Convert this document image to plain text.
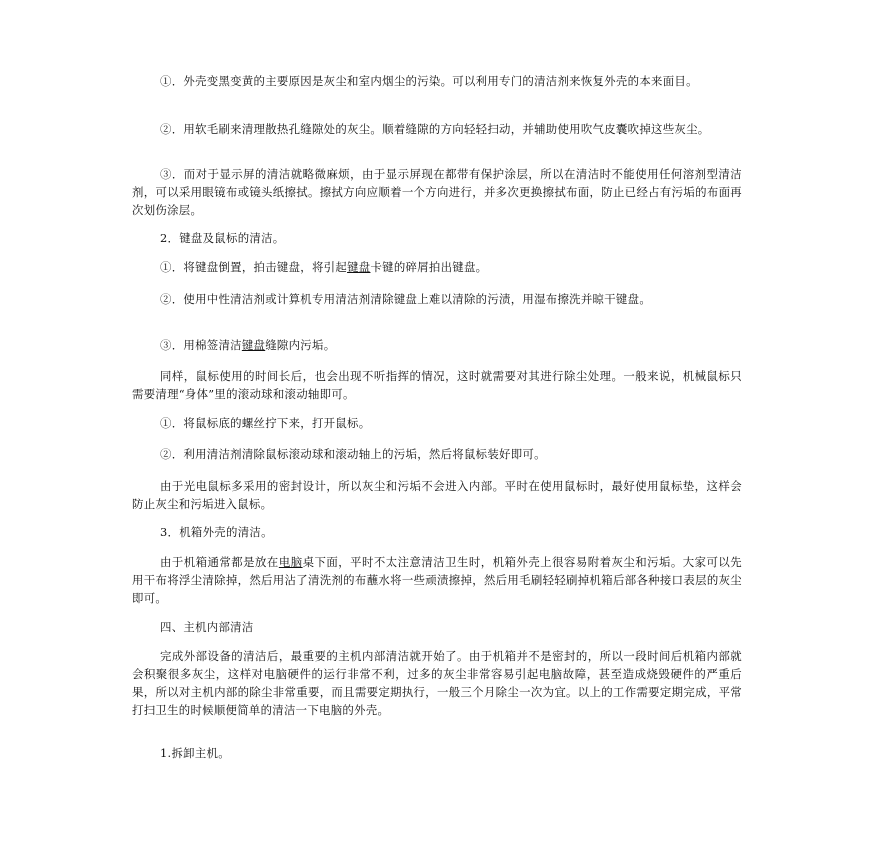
①．外壳变黑变黄的主要原因是灰尘和室内烟尘的污染。可以利用专门的清洁剂来恢复外壳的本来面目。

②．用软毛刷来清理散热孔缝隙处的灰尘。顺着缝隙的方向轻轻扫动，并辅助使用吹气皮囊吹掉这些灰尘。

③．而对于显示屏的清洁就略微麻烦，由于显示屏现在都带有保护涂层，所以在清洁时不能使用任何溶剂型清洁剂，可以采用眼镜布或镜头纸擦拭。擦拭方向应顺着一个方向进行，并多次更换擦拭布面，防止已经占有污垢的布面再次划伤涂层。

2．键盘及鼠标的清洁。

①．将键盘倒置，拍击键盘，将引起键盘卡键的碎屑拍出键盘。

②．使用中性清洁剂或计算机专用清洁剂清除键盘上难以清除的污渍，用湿布擦洗并晾干键盘。

③．用棉签清洁键盘缝隙内污垢。

同样，鼠标使用的时间长后，也会出现不听指挥的情况，这时就需要对其进行除尘处理。一般来说，机械鼠标只需要清理“身体”里的滚动球和滚动轴即可。

①．将鼠标底的螺丝拧下来，打开鼠标。

②．利用清洁剂清除鼠标滚动球和滚动轴上的污垢，然后将鼠标装好即可。

由于光电鼠标多采用的密封设计，所以灰尘和污垢不会进入内部。平时在使用鼠标时，最好使用鼠标垫，这样会防止灰尘和污垢进入鼠标。

3．机箱外壳的清洁。

由于机箱通常都是放在电脑桌下面，平时不太注意清洁卫生时，机箱外壳上很容易附着灰尘和污垢。大家可以先用干布将浮尘清除掉，然后用沾了清洗剂的布蘸水将一些顽渍擦掉，然后用毛刷轻轻刷掉机箱后部各种接口表层的灰尘即可。

四、主机内部清洁

完成外部设备的清洁后，最重要的主机内部清洁就开始了。由于机箱并不是密封的，所以一段时间后机箱内部就会积聚很多灰尘，这样对电脑硬件的运行非常不利，过多的灰尘非常容易引起电脑故障，甚至造成烧毁硬件的严重后果，所以对主机内部的除尘非常重要，而且需要定期执行，一般三个月除尘一次为宜。以上的工作需要定期完成，平常打扫卫生的时候顺便简单的清洁一下电脑的外壳。

1.拆卸主机。
